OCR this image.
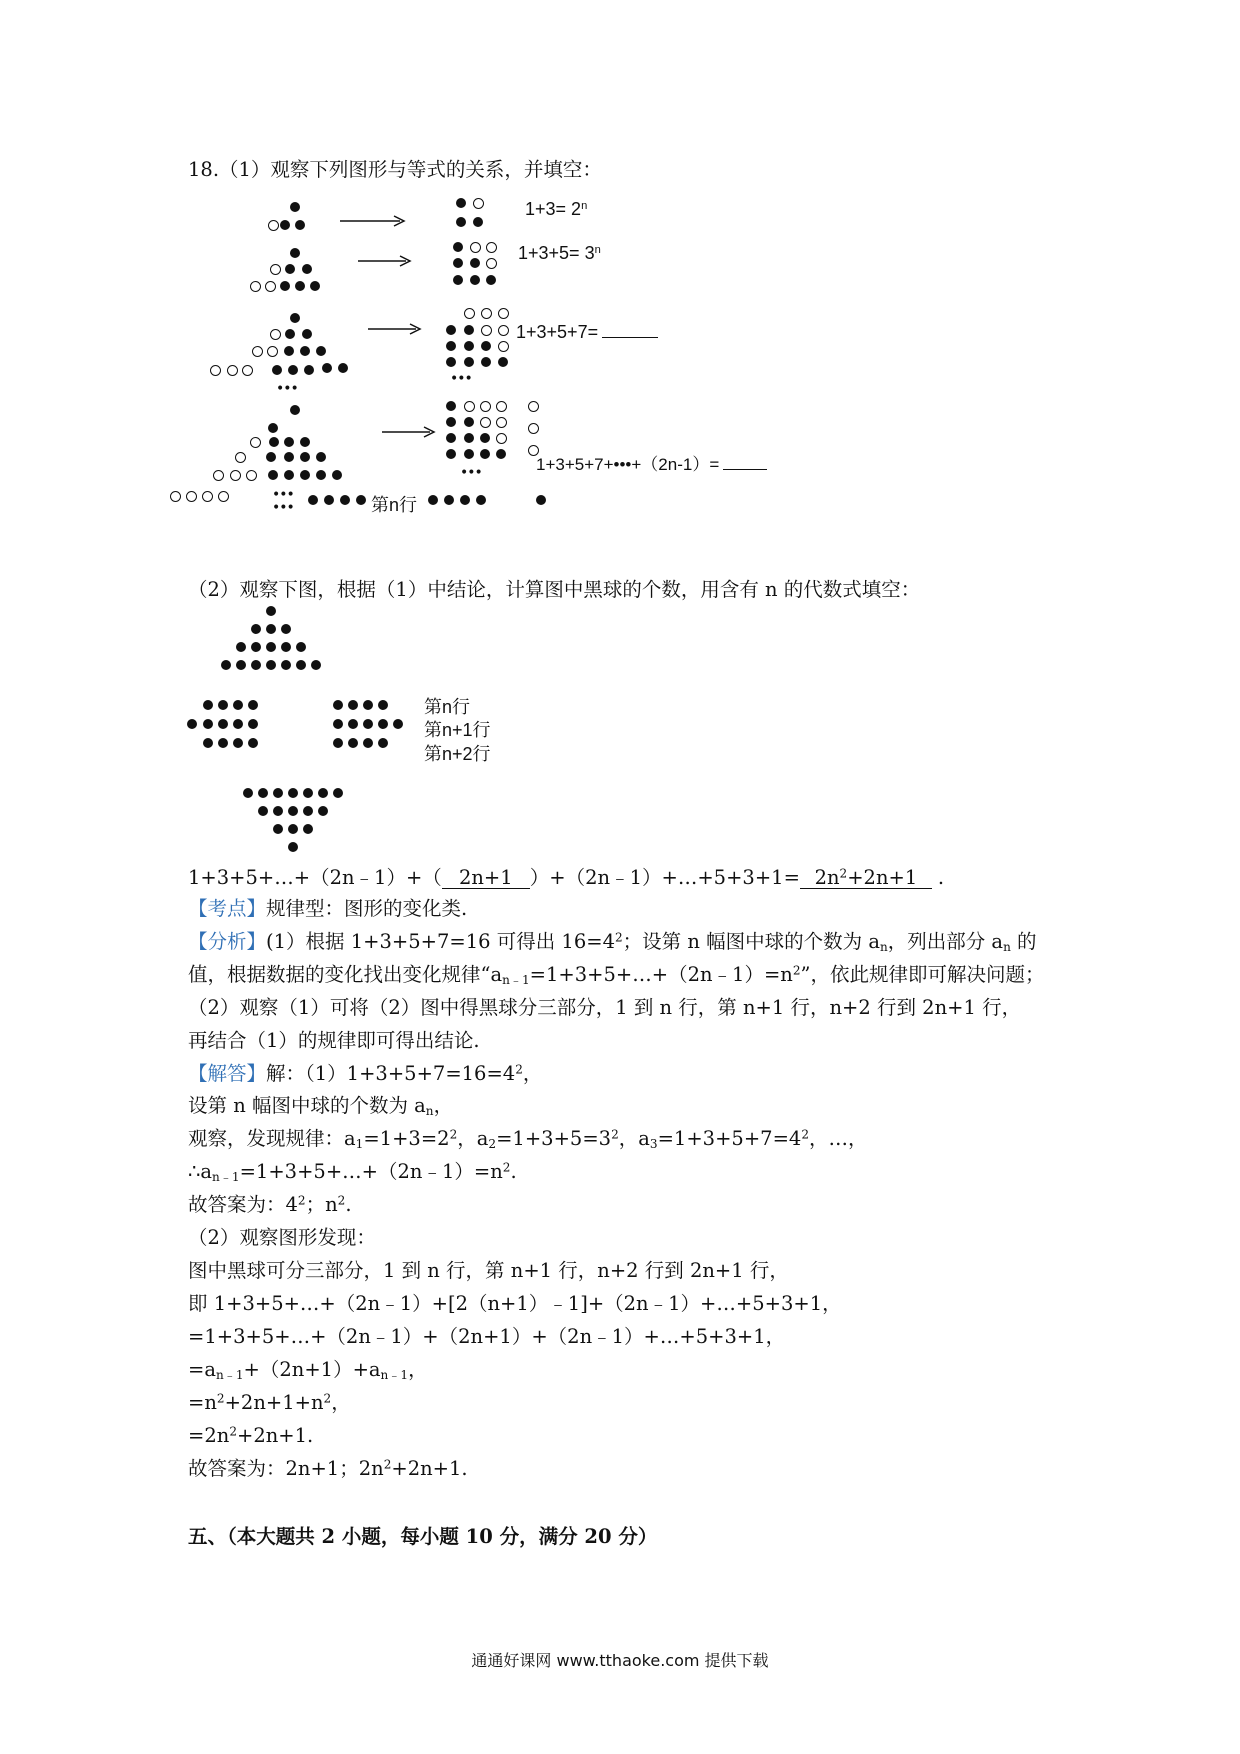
18.（1）观察下列图形与等式的关系，并填空：
$1+3= 2^n$
$1+3+5= 3^n$
•••
•••
1+3+5+7=
•••
•••	第n行
•••	1+3+5+7+•••+（2n-1）=
（2）观察下图，根据（1）中结论，计算图中黑球的个数，用含有 n 的代数式填空：
第n行
第n+1行
第n+2行
1+3+5+…+（2n﹣1）+（ 2n+1 ）+（2n﹣1）+…+5+3+1= $2n^2+2n+1$ .
【考点】规律型：图形的变化类.
【分析】(1）根据 1+3+5+7=16 可得出 $16=4^2$；设第 n 幅图中球的个数为 $a_n$，列出部分 $a_n$ 的
值，根据数据的变化找出变化规律“$a_{n﹣1}=1+3+5+\dots+(2n﹣1)=n^2$”，依此规律即可解决问题；
（2）观察（1）可将（2）图中得黑球分三部分，1 到 n 行，第 n+1 行，n+2 行到 2n+1 行，
再结合（1）的规律即可得出结论.
【解答】解：$(1)1+3+5+7=16=4^2$，
设第 n 幅图中球的个数为 $a_n$，
观察，发现规律：$a_1=1+3=2^2$，$a_2=1+3+5=3^2$，$a_3=1+3+5+7=4^2$，…，
$\therefore a_{n﹣1}=1+3+5+\dots+(2n﹣1)=n^2$.
故答案为：$4^2$；$n^2$.
（2）观察图形发现：
图中黑球可分三部分，1 到 n 行，第 n+1 行，n+2 行到 2n+1 行，
即 1+3+5+…+（2n﹣1）+[2（n+1）﹣1]+（2n﹣1）+…+5+3+1，
=1+3+5+…+（2n﹣1）+（2n+1）+（2n﹣1）+…+5+3+1，
$=a_{n﹣1}+(2n+1)+a_{n﹣1}$，
$=n^2+2n+1+n^2$，
$=2n^2+2n+1$.
故答案为：2n+1；$2n^2+2n+1$.
五、（本大题共 2 小题，每小题 10 分，满分 20 分）
通通好课网 www.tthaoke.com 提供下载
